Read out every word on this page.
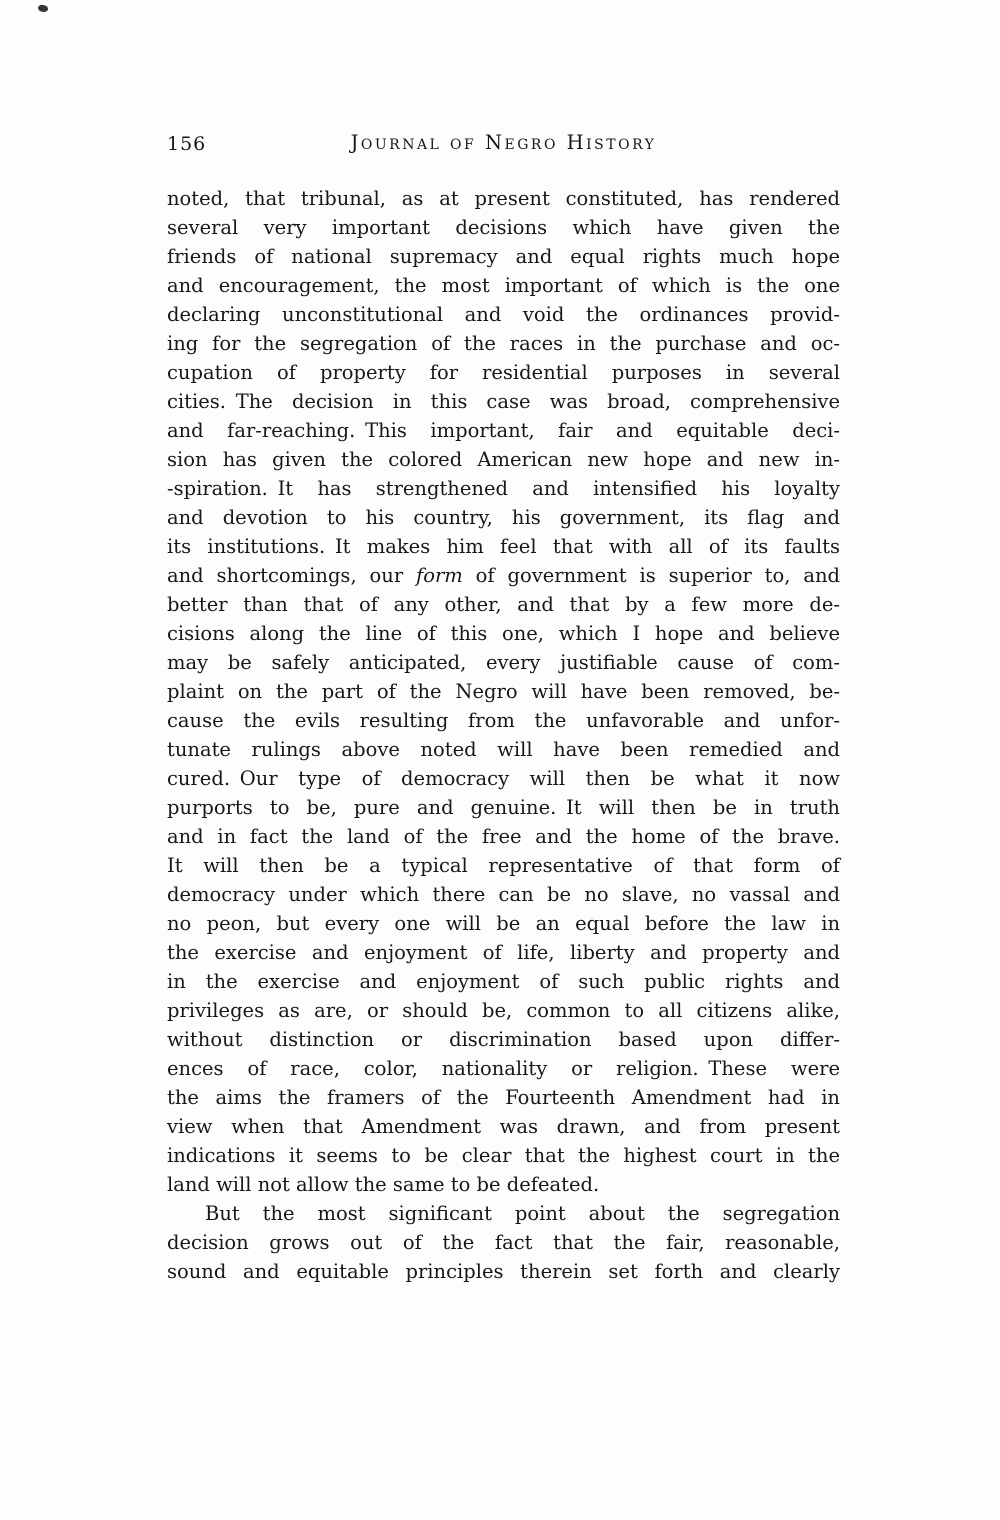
156	Journal of Negro History
noted, that tribunal, as at present constituted, has rendered
several very important decisions which have given the
friends of national supremacy and equal rights much hope
and encouragement, the most important of which is the one
declaring unconstitutional and void the ordinances provid-
ing for the segregation of the races in the purchase and oc-
cupation of property for residential purposes in several
cities. The decision in this case was broad, comprehensive
and far-reaching. This important, fair and equitable deci-
sion has given the colored American new hope and new in-
-spiration. It has strengthened and intensified his loyalty
and devotion to his country, his government, its flag and
its institutions. It makes him feel that with all of its faults
and shortcomings, our form of government is superior to, and
better than that of any other, and that by a few more de-
cisions along the line of this one, which I hope and believe
may be safely anticipated, every justifiable cause of com-
plaint on the part of the Negro will have been removed, be-
cause the evils resulting from the unfavorable and unfor-
tunate rulings above noted will have been remedied and
cured. Our type of democracy will then be what it now
purports to be, pure and genuine. It will then be in truth
and in fact the land of the free and the home of the brave.
It will then be a typical representative of that form of
democracy under which there can be no slave, no vassal and
no peon, but every one will be an equal before the law in
the exercise and enjoyment of life, liberty and property and
in the exercise and enjoyment of such public rights and
privileges as are, or should be, common to all citizens alike,
without distinction or discrimination based upon differ-
ences of race, color, nationality or religion. These were
the aims the framers of the Fourteenth Amendment had in
view when that Amendment was drawn, and from present
indications it seems to be clear that the highest court in the
land will not allow the same to be defeated.
But the most significant point about the segregation
decision grows out of the fact that the fair, reasonable,
sound and equitable principles therein set forth and clearly
